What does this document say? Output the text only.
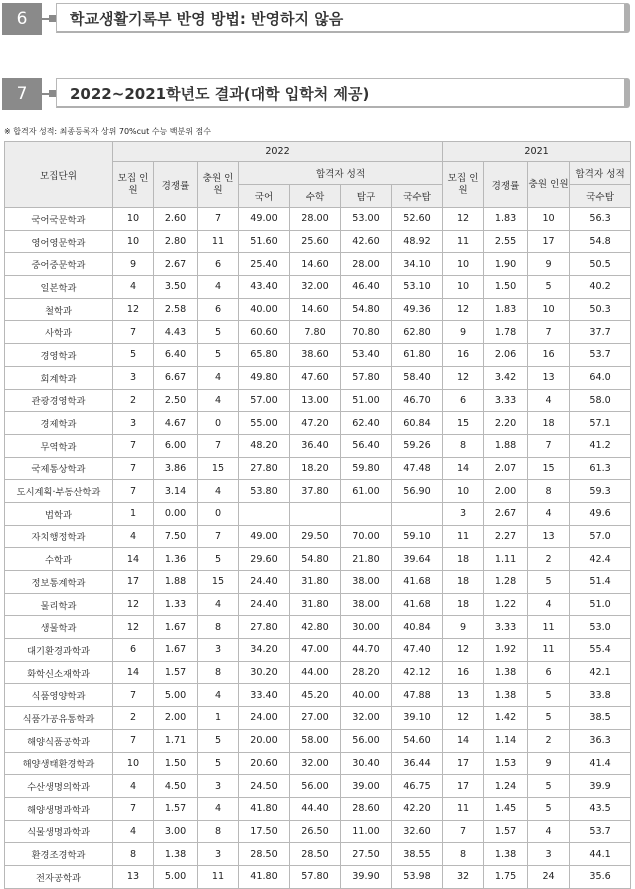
6	학교생활기록부 반영 방법: 반영하지 않음
7	2022~2021학년도 결과(대학 입학처 제공)
※ 합격자 성적: 최종등록자 상위 70%cut 수능 백분위 점수
모집단위	2022							2021			
	모집 인원	경쟁률	충원 인원	합격자 성적				모집 인원	경쟁률	충원 인원	합격자 성적
				국어	수학	탐구	국수탐				국수탐
국어국문학과	10	2.60	7	49.00	28.00	53.00	52.60	12	1.83	10	56.3
영어영문학과	10	2.80	11	51.60	25.60	42.60	48.92	11	2.55	17	54.8
중어중문학과	9	2.67	6	25.40	14.60	28.00	34.10	10	1.90	9	50.5
일본학과	4	3.50	4	43.40	32.00	46.40	53.10	10	1.50	5	40.2
철학과	12	2.58	6	40.00	14.60	54.80	49.36	12	1.83	10	50.3
사학과	7	4.43	5	60.60	7.80	70.80	62.80	9	1.78	7	37.7
경영학과	5	6.40	5	65.80	38.60	53.40	61.80	16	2.06	16	53.7
회계학과	3	6.67	4	49.80	47.60	57.80	58.40	12	3.42	13	64.0
관광경영학과	2	2.50	4	57.00	13.00	51.00	46.70	6	3.33	4	58.0
경제학과	3	4.67	0	55.00	47.20	62.40	60.84	15	2.20	18	57.1
무역학과	7	6.00	7	48.20	36.40	56.40	59.26	8	1.88	7	41.2
국제통상학과	7	3.86	15	27.80	18.20	59.80	47.48	14	2.07	15	61.3
도시계획·부동산학과	7	3.14	4	53.80	37.80	61.00	56.90	10	2.00	8	59.3
법학과	1	0.00	0					3	2.67	4	49.6
자치행정학과	4	7.50	7	49.00	29.50	70.00	59.10	11	2.27	13	57.0
수학과	14	1.36	5	29.60	54.80	21.80	39.64	18	1.11	2	42.4
정보통계학과	17	1.88	15	24.40	31.80	38.00	41.68	18	1.28	5	51.4
물리학과	12	1.33	4	24.40	31.80	38.00	41.68	18	1.22	4	51.0
생물학과	12	1.67	8	27.80	42.80	30.00	40.84	9	3.33	11	53.0
대기환경과학과	6	1.67	3	34.20	47.00	44.70	47.40	12	1.92	11	55.4
화학신소재학과	14	1.57	8	30.20	44.00	28.20	42.12	16	1.38	6	42.1
식품영양학과	7	5.00	4	33.40	45.20	40.00	47.88	13	1.38	5	33.8
식품가공유통학과	2	2.00	1	24.00	27.00	32.00	39.10	12	1.42	5	38.5
해양식품공학과	7	1.71	5	20.00	58.00	56.00	54.60	14	1.14	2	36.3
해양생태환경학과	10	1.50	5	20.60	32.00	30.40	36.44	17	1.53	9	41.4
수산생명의학과	4	4.50	3	24.50	56.00	39.00	46.75	17	1.24	5	39.9
해양생명과학과	7	1.57	4	41.80	44.40	28.60	42.20	11	1.45	5	43.5
식물생명과학과	4	3.00	8	17.50	26.50	11.00	32.60	7	1.57	4	53.7
환경조경학과	8	1.38	3	28.50	28.50	27.50	38.55	8	1.38	3	44.1
전자공학과	13	5.00	11	41.80	57.80	39.90	53.98	32	1.75	24	35.6
